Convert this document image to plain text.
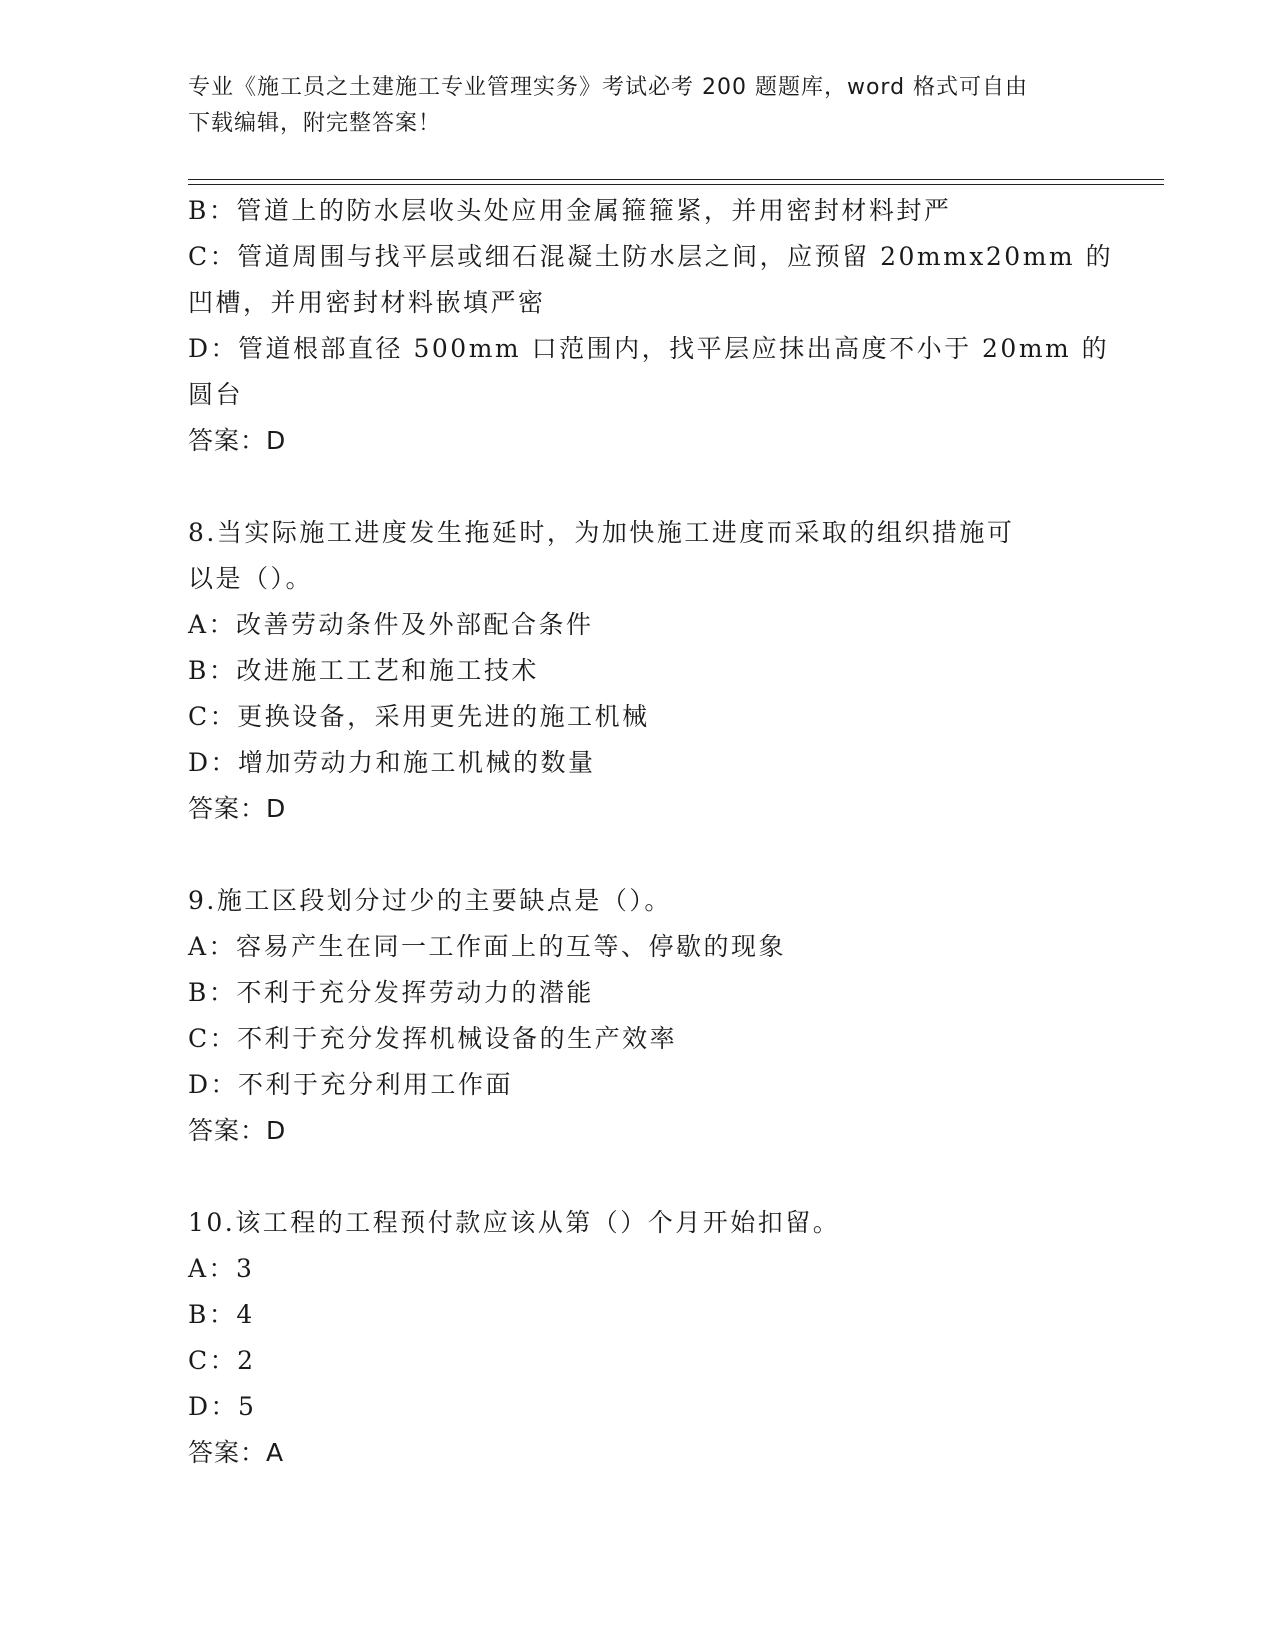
专业《施工员之土建施工专业管理实务》考试必考 200 题题库，word 格式可自由
下载编辑，附完整答案！
B：管道上的防水层收头处应用金属箍箍紧，并用密封材料封严
C：管道周围与找平层或细石混凝土防水层之间，应预留 20mmx20mm 的
凹槽，并用密封材料嵌填严密
D：管道根部直径 500mm 口范围内，找平层应抹出高度不小于 20mm 的
圆台
答案：D
8.当实际施工进度发生拖延时，为加快施工进度而采取的组织措施可
以是（）。
A：改善劳动条件及外部配合条件
B：改进施工工艺和施工技术
C：更换设备，采用更先进的施工机械
D：增加劳动力和施工机械的数量
答案：D
9.施工区段划分过少的主要缺点是（）。
A：容易产生在同一工作面上的互等、停歇的现象
B：不利于充分发挥劳动力的潜能
C：不利于充分发挥机械设备的生产效率
D：不利于充分利用工作面
答案：D
10.该工程的工程预付款应该从第（）个月开始扣留。
A：3
B：4
C：2
D：5
答案：A
